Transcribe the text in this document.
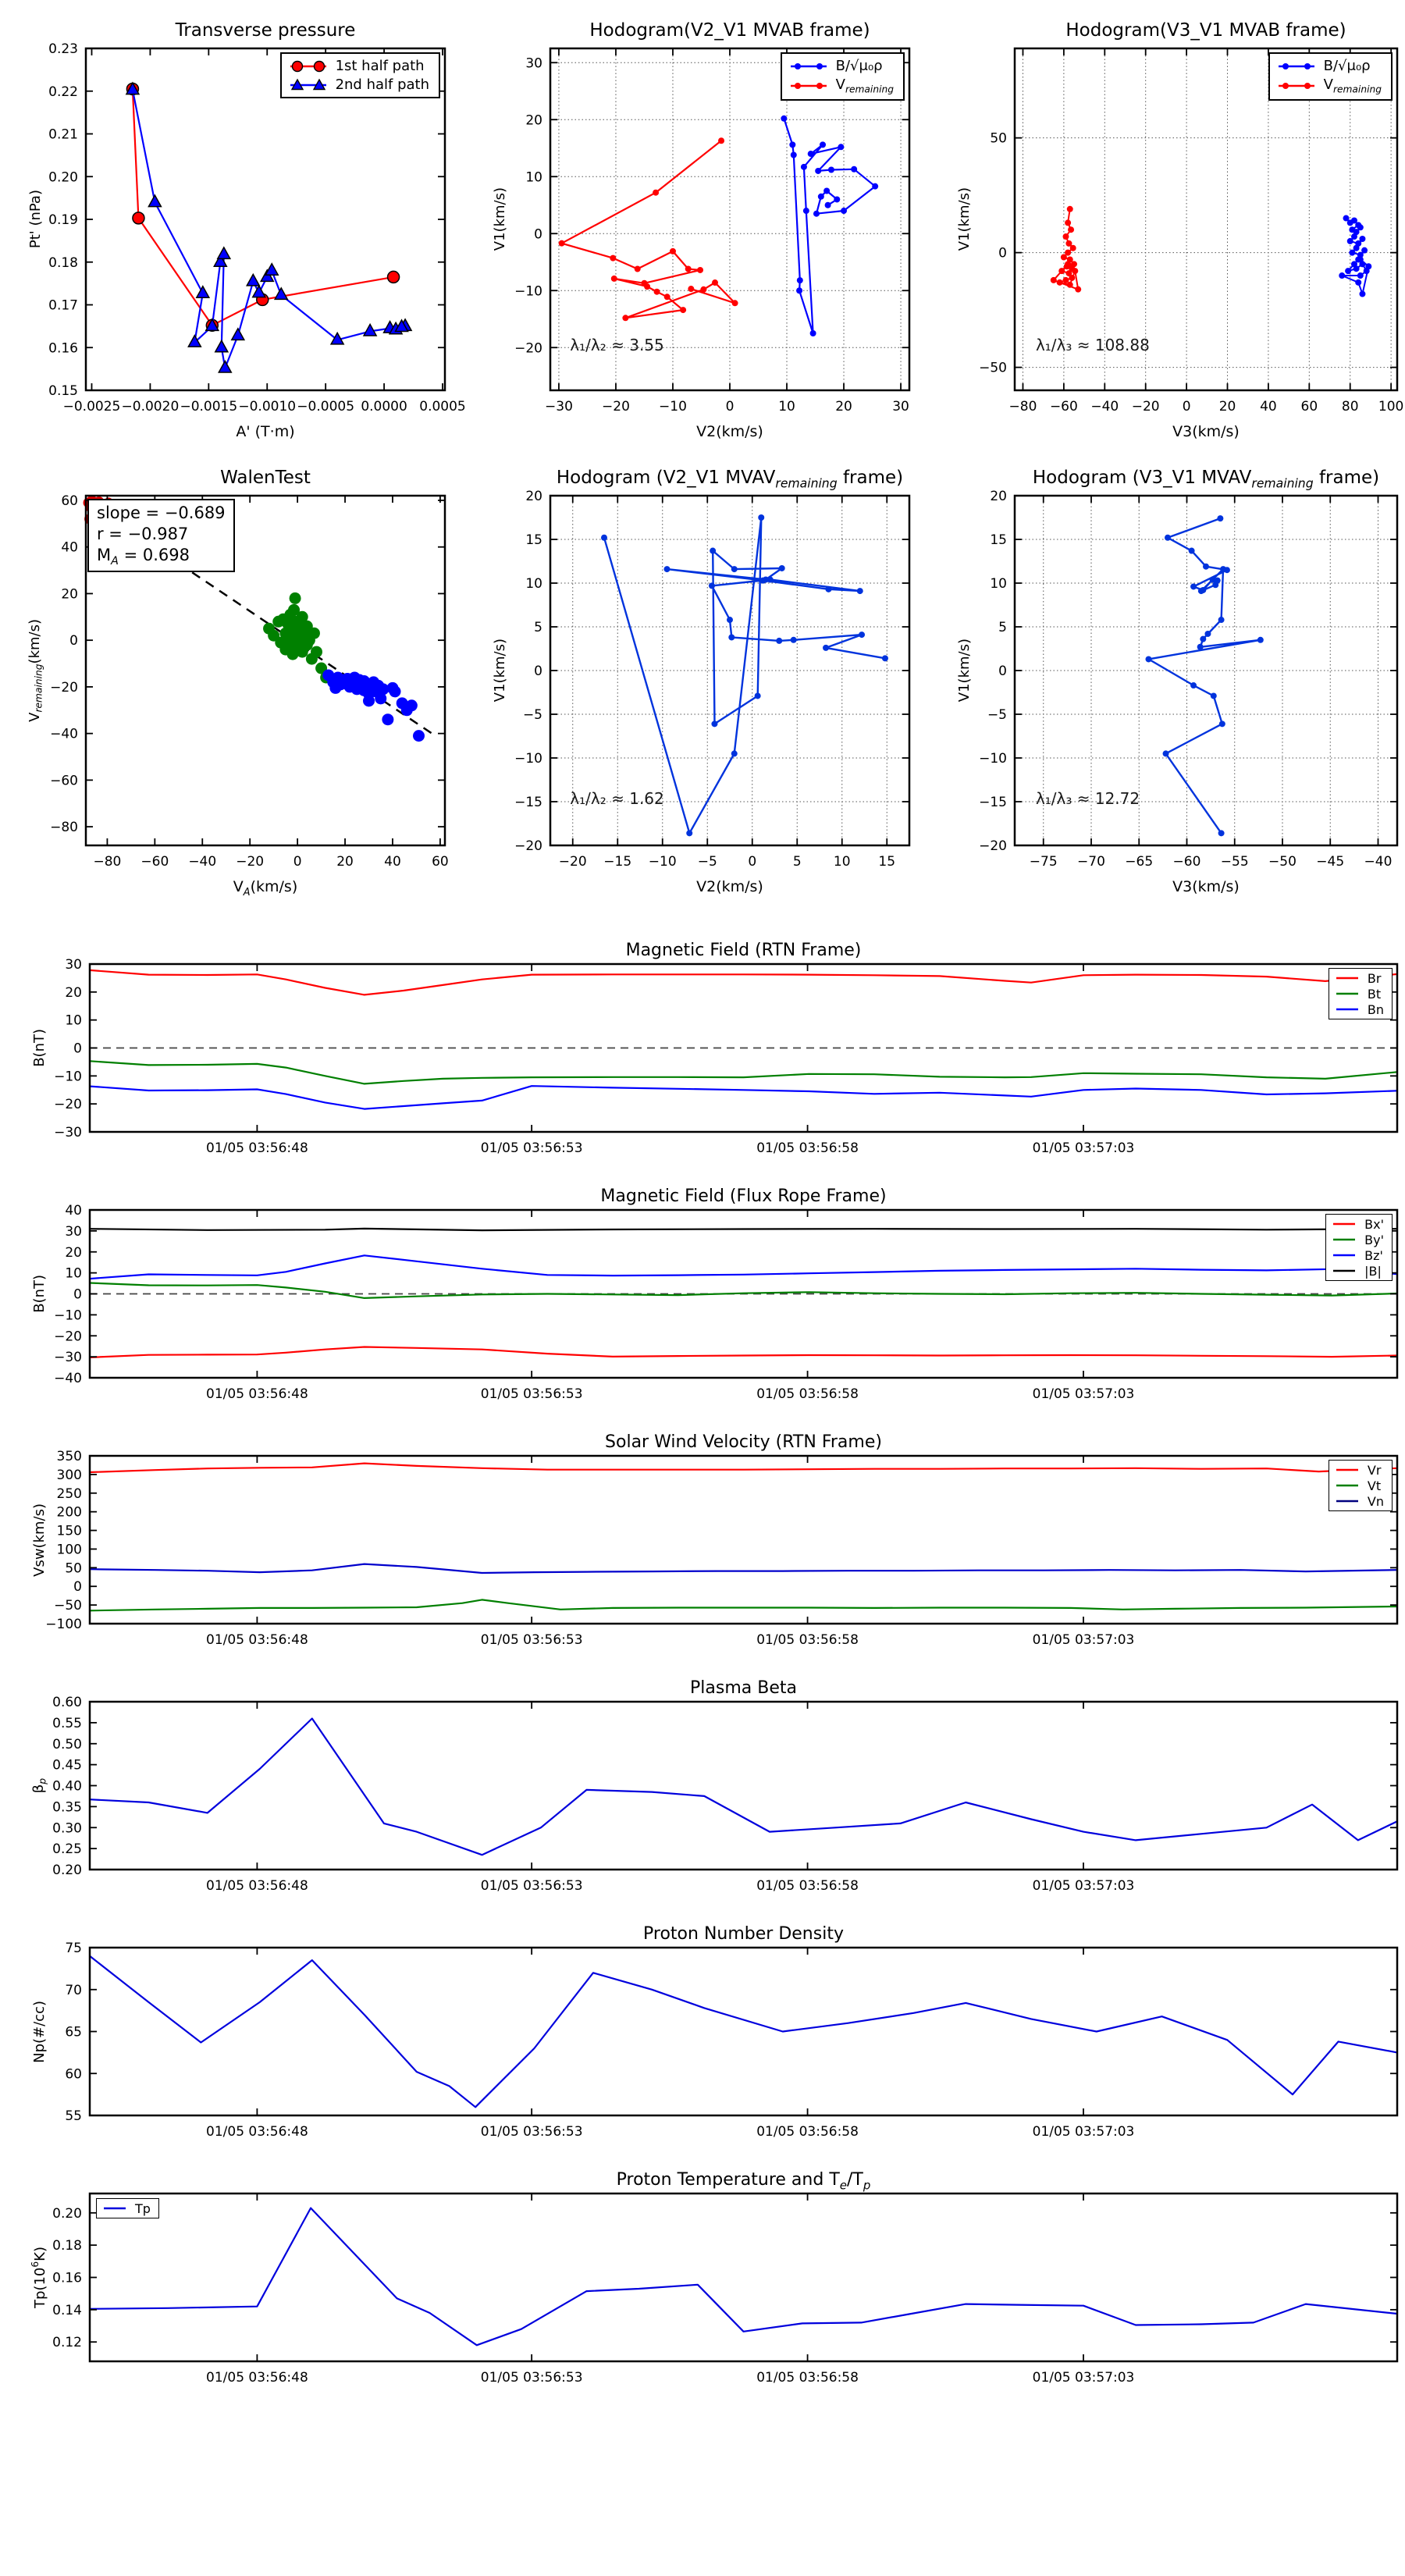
Transverse pressure
A' (T·m)
Pt' (nPa)
−0.0025 −0.0020 −0.0015 −0.0010 −0.0005 0.0000 0.0005
0.15
0.16
0.17
0.18
0.19
0.20
0.21
0.22
0.23
1st half path
2nd half path
Hodogram(V2_V1 MVAB frame)
V2(km/s)
V1(km/s)
−30 −20 −10	0	10	20	30
−20
−10
0
10
20
30	B/√μ₀ρ
$V_{remaining}$
λ₁/λ₂ ≈ 3.55
Hodogram(V3_V1 MVAB frame)
V3(km/s)
V1(km/s)
−80 −60 −40 −20 0 20 40 60 80 100
−50
0
50
B/√μ₀ρ
$V_{remaining}$
λ₁/λ₃ ≈ 108.88
WalenTest
$V_A(km/s)$
$V_{remaining}(km/s)$
−80 −60 −40 −20 0	20 40 60
−80
−60
−40
−20
0
20
40
60
slope = −0.689
r = −0.987
$M_A = 0.698$
Hodogram (V2_V1 $MVAV_{remaining}$ frame)
V2(km/s)
V1(km/s)
−20 −15 −10 −5 0	5 10 15
−20
−15
−10
−5
0
5
10
15
20
λ₁/λ₂ ≈ 1.62
Hodogram (V3_V1 $MVAV_{remaining}$ frame)
V3(km/s)
V1(km/s)
−75 −70 −65 −60 −55 −50 −45 −40
−20
−15
−10
−5
0
5
10
15
20
λ₁/λ₃ ≈ 12.72
Magnetic Field (RTN Frame)
B(nT)
01/05 03:56:48	01/05 03:56:53	01/05 03:56:58	01/05 03:57:03
−30
−20
−10
0
10
20
30
Br
Bt
Bn
Magnetic Field (Flux Rope Frame)
B(nT)
01/05 03:56:48	01/05 03:56:53	01/05 03:56:58	01/05 03:57:03
−40
−30
−20
−10
0
10
20
30
40
Bx'
By'
Bz'
|B|
Solar Wind Velocity (RTN Frame)
Vsw(km/s)
01/05 03:56:48	01/05 03:56:53	01/05 03:56:58	01/05 03:57:03
−100
−50
0
50
100
150
200
250
300
350
Vr
Vt
Vn
Plasma Beta
$\beta_p$
01/05 03:56:48	01/05 03:56:53	01/05 03:56:58	01/05 03:57:03
0.20
0.25
0.30
0.35
0.40
0.45
0.50
0.55
0.60
Proton Number Density
Np(#/cc)
01/05 03:56:48	01/05 03:56:53	01/05 03:56:58	01/05 03:57:03
55
60
65
70
75
Proton Temperature and $T_e/T_p$
$Tp(10^6K)$
01/05 03:56:48	01/05 03:56:53	01/05 03:56:58	01/05 03:57:03
0.12
0.14
0.16
0.18
0.20	Tp
